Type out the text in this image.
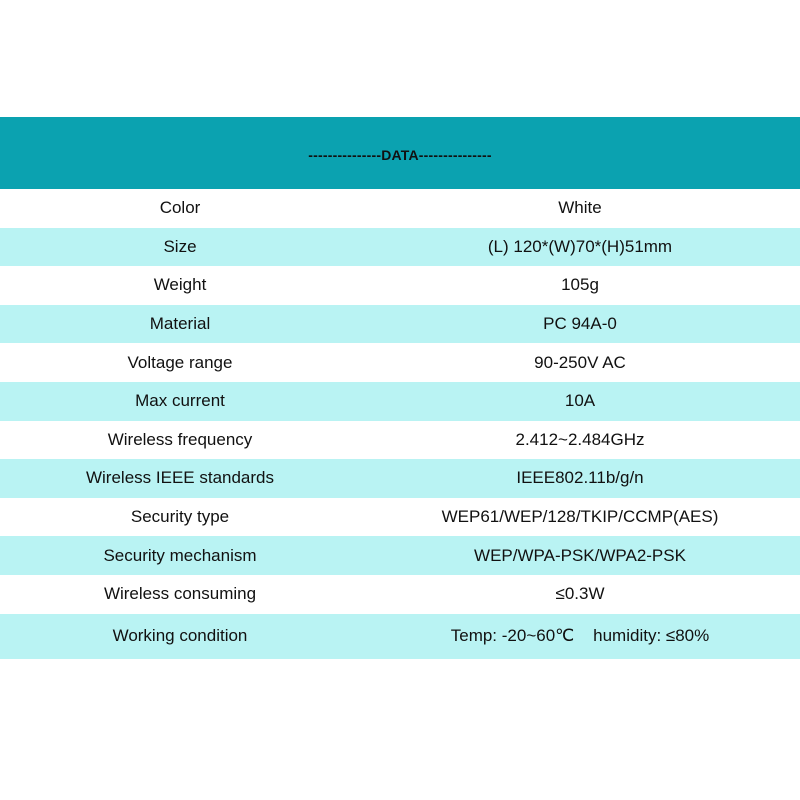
---------------DATA---------------
Color	White
Size	(L) 120*(W)70*(H)51mm
Weight	105g
Material	PC 94A-0
Voltage range	90-250V AC
Max current	10A
Wireless frequency	2.412~2.484GHz
Wireless IEEE standards	IEEE802.11b/g/n
Security type	WEP61/WEP/128/TKIP/CCMP(AES)
Security mechanism	WEP/WPA-PSK/WPA2-PSK
Wireless consuming	≤0.3W
Working condition	Temp: -20~60℃    humidity: ≤80%
